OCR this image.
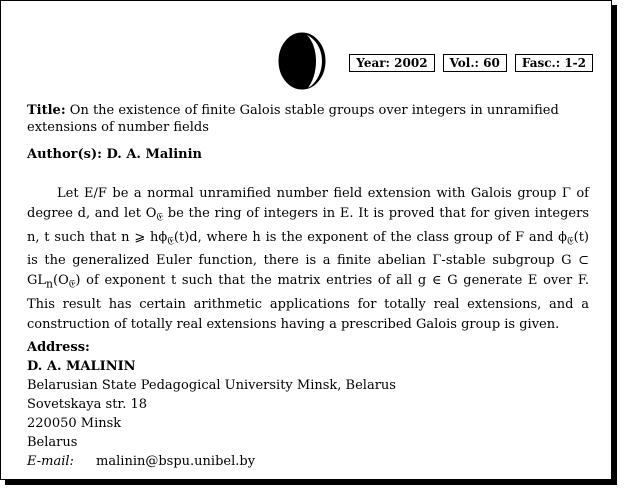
Year: 2002	Vol.: 60	Fasc.: 1-2
Title: On the existence of finite Galois stable groups over integers in unramified extensions of number fields
Author(s): D. A. Malinin
Let E/F be a normal unramified number field extension with Galois group Γ of degree d, and let $O_𝔈$ be the ring of integers in E. It is proved that for given integers n, t such that n ⩾ $h\phi_𝔈(t)d$, where h is the exponent of the class group of F and $\phi_𝔈(t)$ is the generalized Euler function, there is a finite abelian Γ-stable subgroup G ⊂ $GL_n(O_𝔈)$ of exponent t such that the matrix entries of all g ∈ G generate E over F. This result has certain arithmetic applications for totally real extensions, and a construction of totally real extensions having a prescribed Galois group is given.
Address:
D. A. MALININ
Belarusian State Pedagogical University Minsk, Belarus
Sovetskaya str. 18
220050 Minsk
Belarus
E-mail: malinin@bspu.unibel.by
